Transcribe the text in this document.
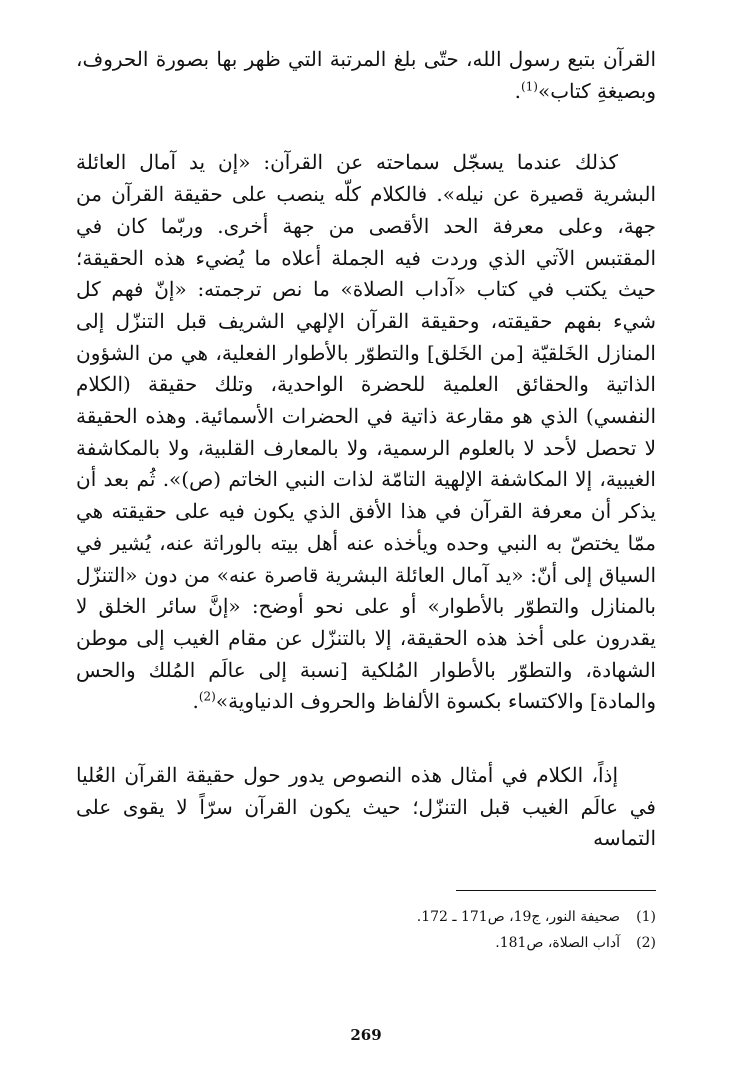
القرآن بتبع رسول الله، حتّى بلغ المرتبة التي ظهر بها بصورة الحروف، وبصيغةِ كتاب»$^{(1)}$.

كذلك عندما يسجّل سماحته عن القرآن: «إن يد آمال العائلة البشرية قصيرة عن نيله». فالكلام كلّه ينصب على حقيقة القرآن من جهة، وعلى معرفة الحد الأقصى من جهة أخرى. وربّما كان في المقتبس الآتي الذي وردت فيه الجملة أعلاه ما يُضيء هذه الحقيقة؛ حيث يكتب في كتاب «آداب الصلاة» ما نص ترجمته: «إنّ فهم كل شيء بفهم حقيقته، وحقيقة القرآن الإلهي الشريف قبل التنزّل إلى المنازل الخَلقيّة [من الخَلق] والتطوّر بالأطوار الفعلية، هي من الشؤون الذاتية والحقائق العلمية للحضرة الواحدية، وتلك حقيقة (الكلام النفسي) الذي هو مقارعة ذاتية في الحضرات الأسمائية. وهذه الحقيقة لا تحصل لأحد لا بالعلوم الرسمية، ولا بالمعارف القلبية، ولا بالمكاشفة الغيبية، إلا المكاشفة الإلهية التامّة لذات النبي الخاتم (ص)». ثُم بعد أن يذكر أن معرفة القرآن في هذا الأفق الذي يكون فيه على حقيقته هي ممّا يختصّ به النبي وحده ويأخذه عنه أهل بيته بالوراثة عنه، يُشير في السياق إلى أنّ: «يد آمال العائلة البشرية قاصرة عنه» من دون «التنزّل بالمنازل والتطوّر بالأطوار» أو على نحو أوضح: «إنَّ سائر الخلق لا يقدرون على أخذ هذه الحقيقة، إلا بالتنزّل عن مقام الغيب إلى موطن الشهادة، والتطوّر بالأطوار المُلكية [نسبة إلى عالَم المُلك والحس والمادة] والاكتساء بكسوة الألفاظ والحروف الدنياوية»$^{(2)}$.

إذاً، الكلام في أمثال هذه النصوص يدور حول حقيقة القرآن العُليا في عالَم الغيب قبل التنزّل؛ حيث يكون القرآن سرّاً لا يقوى على التماسه

(1)صحيفة النور، ج19، ص171 ـ 172.
(2)آداب الصلاة، ص181.
269
